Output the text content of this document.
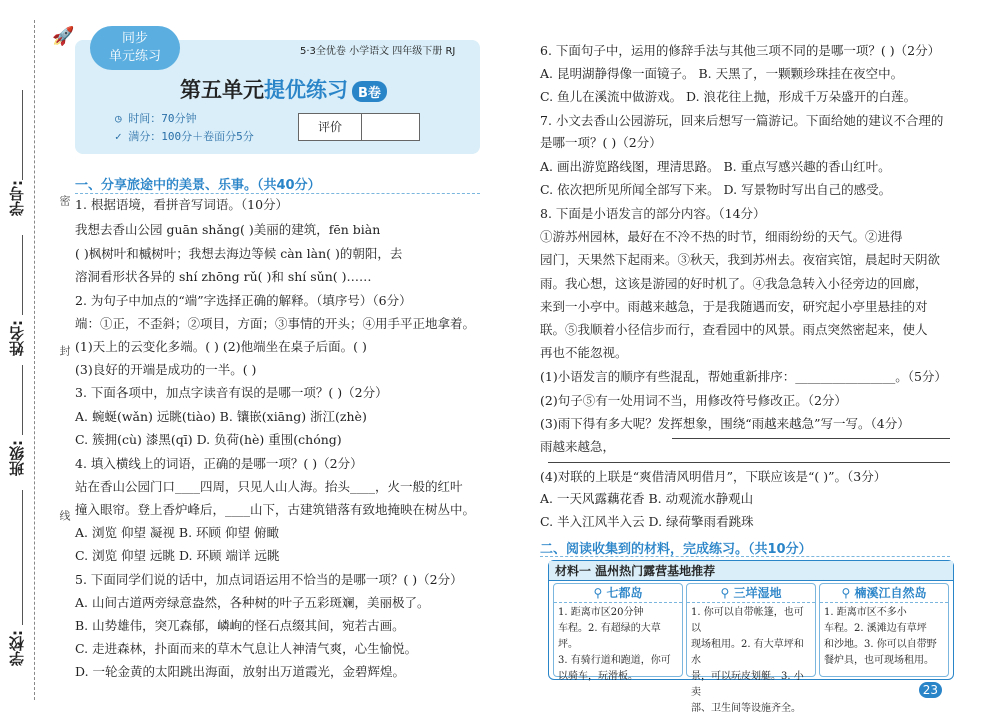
🚀
学号:
姓名:
班级:
学校:
密
封
线
同步
单元练习	5·3全优卷 小学语文 四年级下册 RJ
第五单元提优练习 B卷
◷ 时间：70分钟
✓ 满分：100分＋卷面分5分
评价
一、分享旅途中的美景、乐事。（共40分）
1. 根据语境，看拼音写词语。（10分）
我想去香山公园 guān shǎng( )美丽的建筑，fēn biàn
( )枫树叶和槭树叶；我想去海边等候 càn làn( )的朝阳，去
溶洞看形状各异的 shí zhōng rǔ( )和 shí sǔn( )……
2. 为句子中加点的“端”字选择正确的解释。（填序号）（6分）
端：①正，不歪斜；②项目，方面；③事情的开头；④用手平正地拿着。
(1)天上的云变化多端。( ) (2)他端坐在桌子后面。( )
(3)良好的开端是成功的一半。( )
3. 下面各项中，加点字读音有误的是哪一项？( )（2分）
A. 蜿蜒(wǎn) 远眺(tiào) B. 镶嵌(xiāng) 浙江(zhè)
C. 簇拥(cù) 漆黑(qī) D. 负荷(hè) 重围(chóng)
4. 填入横线上的词语，正确的是哪一项？( )（2分）
站在香山公园门口____四周，只见人山人海。抬头____，火一般的红叶
撞入眼帘。登上香炉峰后，____山下，古建筑错落有致地掩映在树丛中。
A. 浏览 仰望 凝视 B. 环顾 仰望 俯瞰
C. 浏览 仰望 远眺 D. 环顾 端详 远眺
5. 下面同学们说的话中，加点词语运用不恰当的是哪一项？( )（2分）
A. 山间古道两旁绿意盎然，各种树的叶子五彩斑斓，美丽极了。
B. 山势雄伟，突兀森郁，嶙峋的怪石点缀其间，宛若古画。
C. 走进森林，扑面而来的草木气息让人神清气爽，心生愉悦。
D. 一轮金黄的太阳跳出海面，放射出万道霞光，金碧辉煌。
6. 下面句子中，运用的修辞手法与其他三项不同的是哪一项？( )（2分）
A. 昆明湖静得像一面镜子。 B. 天黑了，一颗颗珍珠挂在夜空中。
C. 鱼儿在溪流中做游戏。 D. 浪花往上抛，形成千万朵盛开的白莲。
7. 小文去香山公园游玩，回来后想写一篇游记。下面给她的建议不合理的
是哪一项？( )（2分）
A. 画出游览路线图，理清思路。 B. 重点写感兴趣的香山红叶。
C. 依次把所见所闻全部写下来。 D. 写景物时写出自己的感受。
8. 下面是小语发言的部分内容。（14分）
①游苏州园林，最好在不冷不热的时节，细雨纷纷的天气。②进得
园门，天果然下起雨来。③秋天，我到苏州去。夜宿宾馆，晨起时天阴欲
雨。我心想，这该是游园的好时机了。④我急急转入小径旁边的回廊，
来到一小亭中。雨越来越急，于是我随遇而安，研究起小亭里悬挂的对
联。⑤我顺着小径信步而行，查看园中的风景。雨点突然密起来，使人
再也不能忽视。
(1)小语发言的顺序有些混乱，帮她重新排序：________________。（5分）
(2)句子⑤有一处用词不当，用修改符号修改正。（2分）
(3)雨下得有多大呢？发挥想象，围绕“雨越来越急”写一写。（4分）
雨越来越急，
(4)对联的上联是“爽借清风明借月”，下联应该是“( )”。（3分）
A. 一天风露藕花香 B. 动观流水静观山
C. 半入江风半入云 D. 绿荷擎雨看跳珠
二、阅读收集到的材料，完成练习。（共10分）
材料一 温州热门露营基地推荐
⚲ 七都岛
1. 距离市区20分钟
车程。2. 有超绿的大草坪。
3. 有骑行道和跑道，你可
以骑车，玩滑板。
⚲ 三垟湿地
1. 你可以自带帐篷，也可以
现场租用。2. 有大草坪和水
景，可以玩皮划艇。3. 小卖
部、卫生间等设施齐全。
⚲ 楠溪江自然岛
1. 距离市区不多小
车程。2. 溪滩边有草坪
和沙地。3. 你可以自带野
餐炉具，也可现场租用。
23
